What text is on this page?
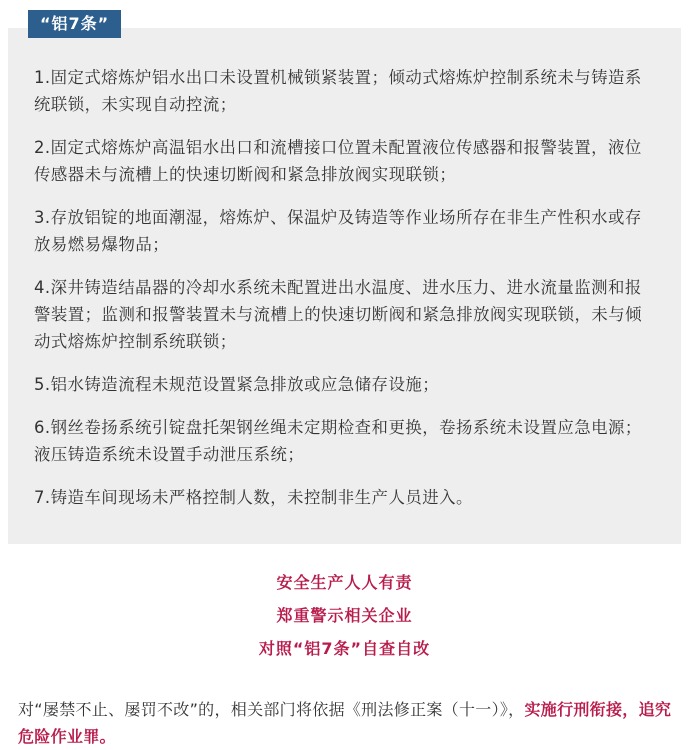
“铝7条”

1.固定式熔炼炉铝水出口未设置机械锁紧装置；倾动式熔炼炉控制系统未与铸造系统联锁，未实现自动控流；

2.固定式熔炼炉高温铝水出口和流槽接口位置未配置液位传感器和报警装置，液位传感器未与流槽上的快速切断阀和紧急排放阀实现联锁；

3.存放铝锭的地面潮湿，熔炼炉、保温炉及铸造等作业场所存在非生产性积水或存放易燃易爆物品；

4.深井铸造结晶器的冷却水系统未配置进出水温度、进水压力、进水流量监测和报警装置；监测和报警装置未与流槽上的快速切断阀和紧急排放阀实现联锁，未与倾动式熔炼炉控制系统联锁；

5.铝水铸造流程未规范设置紧急排放或应急储存设施；

6.钢丝卷扬系统引锭盘托架钢丝绳未定期检查和更换，卷扬系统未设置应急电源；液压铸造系统未设置手动泄压系统；

7.铸造车间现场未严格控制人数，未控制非生产人员进入。

安全生产人人有责
郑重警示相关企业
对照“铝7条”自查自改

对“屡禁不止、屡罚不改”的，相关部门将依据《刑法修正案（十一）》，实施行刑衔接，追究危险作业罪。
